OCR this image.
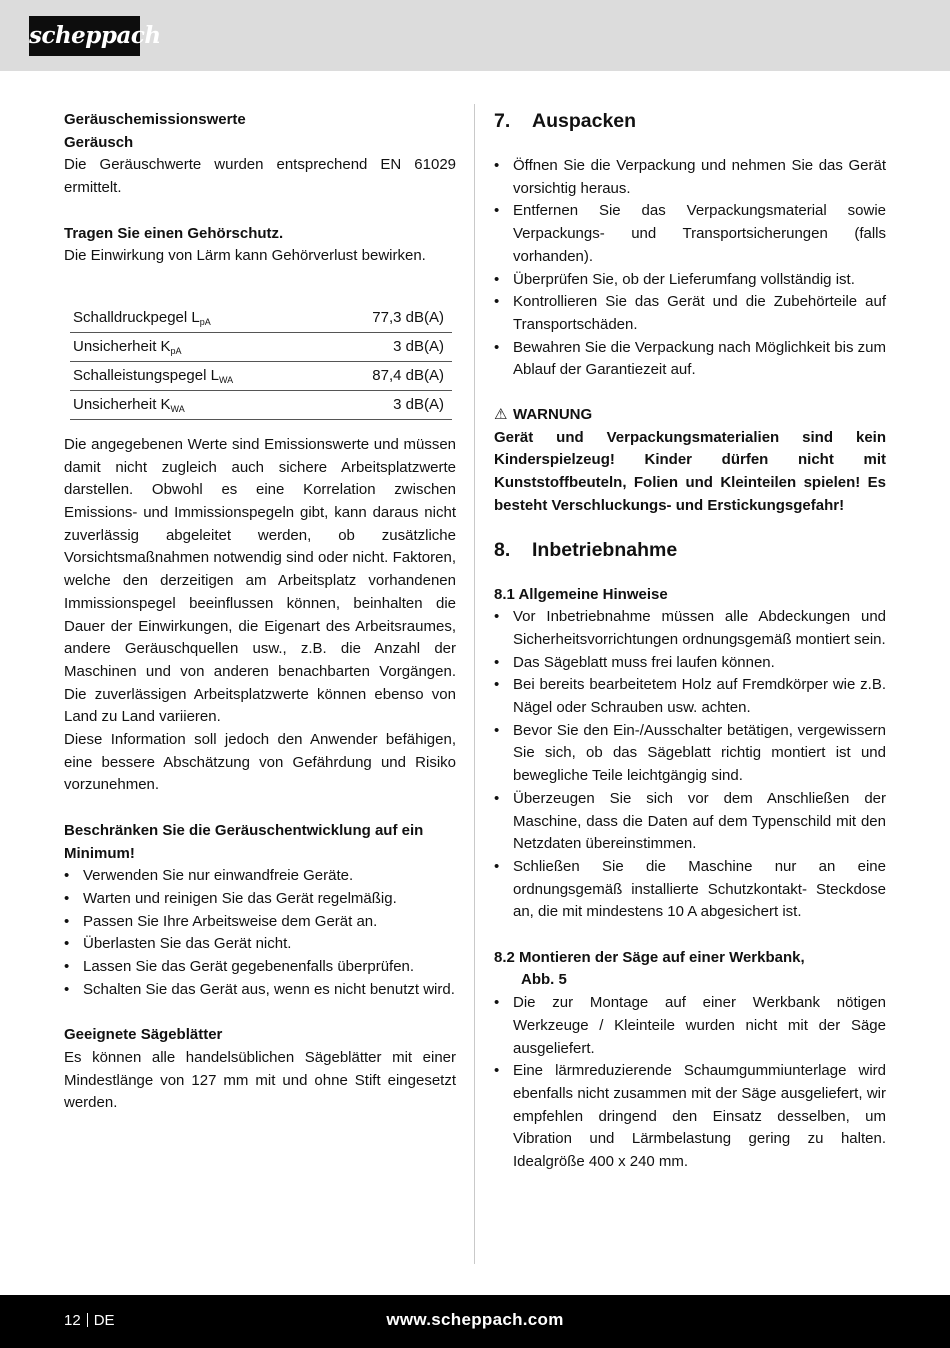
scheppach

Geräuschemissionswerte

Geräusch

Die Geräuschwerte wurden entsprechend EN 61029 ermittelt.

Tragen Sie einen Gehörschutz.

Die Einwirkung von Lärm kann Gehörverlust bewirken.

Schalldruckpegel $L_{pA}$	77,3 dB(A)
Unsicherheit $K_{pA}$	3 dB(A)
Schalleistungspegel $L_{WA}$	87,4 dB(A)
Unsicherheit $K_{WA}$	3 dB(A)

Die angegebenen Werte sind Emissionswerte und müssen damit nicht zugleich auch sichere Arbeitsplatzwerte darstellen. Obwohl es eine Korrelation zwischen Emissions- und Immissionspegeln gibt, kann daraus nicht zuverlässig abgeleitet werden, ob zusätzliche Vorsichtsmaßnahmen notwendig sind oder nicht. Faktoren, welche den derzeitigen am Arbeitsplatz vorhandenen Immissionspegel beeinflussen können, beinhalten die Dauer der Einwirkungen, die Eigenart des Arbeitsraumes, andere Geräuschquellen usw., z.B. die Anzahl der Maschinen und von anderen benachbarten Vorgängen. Die zuverlässigen Arbeitsplatzwerte können ebenso von Land zu Land variieren.

Diese Information soll jedoch den Anwender befähigen, eine bessere Abschätzung von Gefährdung und Risiko vorzunehmen.

Beschränken Sie die Geräuschentwicklung auf ein Minimum!

• Verwenden Sie nur einwandfreie Geräte.
• Warten und reinigen Sie das Gerät regelmäßig.
• Passen Sie Ihre Arbeitsweise dem Gerät an.
• Überlasten Sie das Gerät nicht.
• Lassen Sie das Gerät gegebenenfalls überprüfen.
• Schalten Sie das Gerät aus, wenn es nicht benutzt wird.

Geeignete Sägeblätter

Es können alle handelsüblichen Sägeblätter mit einer Mindestlänge von 127 mm mit und ohne Stift eingesetzt werden.

7. Auspacken
• Öffnen Sie die Verpackung und nehmen Sie das Gerät vorsichtig heraus.
• Entfernen Sie das Verpackungsmaterial sowie Verpackungs- und Transportsicherungen (falls vorhanden).
• Überprüfen Sie, ob der Lieferumfang vollständig ist.
• Kontrollieren Sie das Gerät und die Zubehörteile auf Transportschäden.
• Bewahren Sie die Verpackung nach Möglichkeit bis zum Ablauf der Garantiezeit auf.

⚠ WARNUNG

Gerät und Verpackungsmaterialien sind kein Kinderspielzeug! Kinder dürfen nicht mit Kunststoffbeuteln, Folien und Kleinteilen spielen! Es besteht Verschluckungs- und Erstickungsgefahr!

8. Inbetriebnahme

8.1 Allgemeine Hinweise

• Vor Inbetriebnahme müssen alle Abdeckungen und Sicherheitsvorrichtungen ordnungsgemäß montiert sein.
• Das Sägeblatt muss frei laufen können.
• Bei bereits bearbeitetem Holz auf Fremdkörper wie z.B. Nägel oder Schrauben usw. achten.
• Bevor Sie den Ein-/Ausschalter betätigen, vergewissern Sie sich, ob das Sägeblatt richtig montiert ist und bewegliche Teile leichtgängig sind.
• Überzeugen Sie sich vor dem Anschließen der Maschine, dass die Daten auf dem Typenschild mit den Netzdaten übereinstimmen.
• Schließen Sie die Maschine nur an eine ordnungsgemäß installierte Schutzkontakt- Steckdose an, die mit mindestens 10 A abgesichert ist.

8.2 Montieren der Säge auf einer Werkbank,

Abb. 5

• Die zur Montage auf einer Werkbank nötigen Werkzeuge / Kleinteile wurden nicht mit der Säge ausgeliefert.
• Eine lärmreduzierende Schaumgummiunterlage wird ebenfalls nicht zusammen mit der Säge ausgeliefert, wir empfehlen dringend den Einsatz desselben, um Vibration und Lärmbelastung gering zu halten. Idealgröße 400 x 240 mm.
12 DE	www.scheppach.com
